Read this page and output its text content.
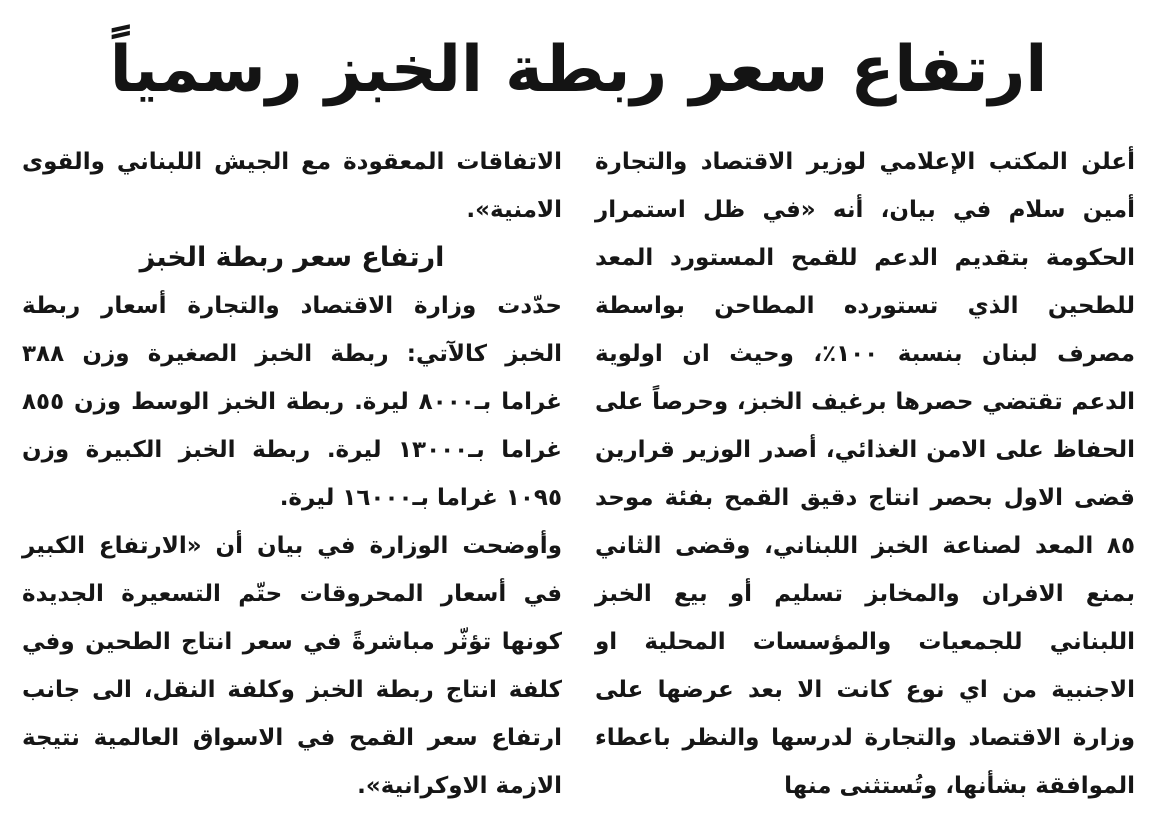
ارتفاع سعر ربطة الخبز رسمياً

أعلن المكتب الإعلامي لوزير الاقتصاد والتجارة أمين سلام في بيان، أنه «في ظل استمرار الحكومة بتقديم الدعم للقمح المستورد المعد للطحين الذي تستورده المطاحن بواسطة مصرف لبنان بنسبة ١٠٠٪، وحيث ان اولوية الدعم تقتضي حصرها برغيف الخبز، وحرصاً على الحفاظ على الامن الغذائي، أصدر الوزير قرارين قضى الاول بحصر انتاج دقيق القمح بفئة موحد ٨٥ المعد لصناعة الخبز اللبناني، وقضى الثاني بمنع الافران والمخابز تسليم أو بيع الخبز اللبناني للجمعيات والمؤسسات المحلية او الاجنبية من اي نوع كانت الا بعد عرضها على وزارة الاقتصاد والتجارة لدرسها والنظر باعطاء الموافقة بشأنها، وتُستثنى منها

الاتفاقات المعقودة مع الجيش اللبناني والقوى الامنية».

ارتفاع سعر ربطة الخبز

حدّدت وزارة الاقتصاد والتجارة أسعار ربطة الخبز كالآتي: ربطة الخبز الصغيرة وزن ٣٨٨ غراما بـ٨٠٠٠ ليرة. ربطة الخبز الوسط وزن ٨٥٥ غراما بـ١٣٠٠٠ ليرة. ربطة الخبز الكبيرة وزن ١٠٩٥ غراما بـ١٦٠٠٠ ليرة.

وأوضحت الوزارة في بيان أن «الارتفاع الكبير في أسعار المحروقات حتّم التسعيرة الجديدة كونها تؤثّر مباشرةً في سعر انتاج الطحين وفي كلفة انتاج ربطة الخبز وكلفة النقل، الى جانب ارتفاع سعر القمح في الاسواق العالمية نتيجة الازمة الاوكرانية».
